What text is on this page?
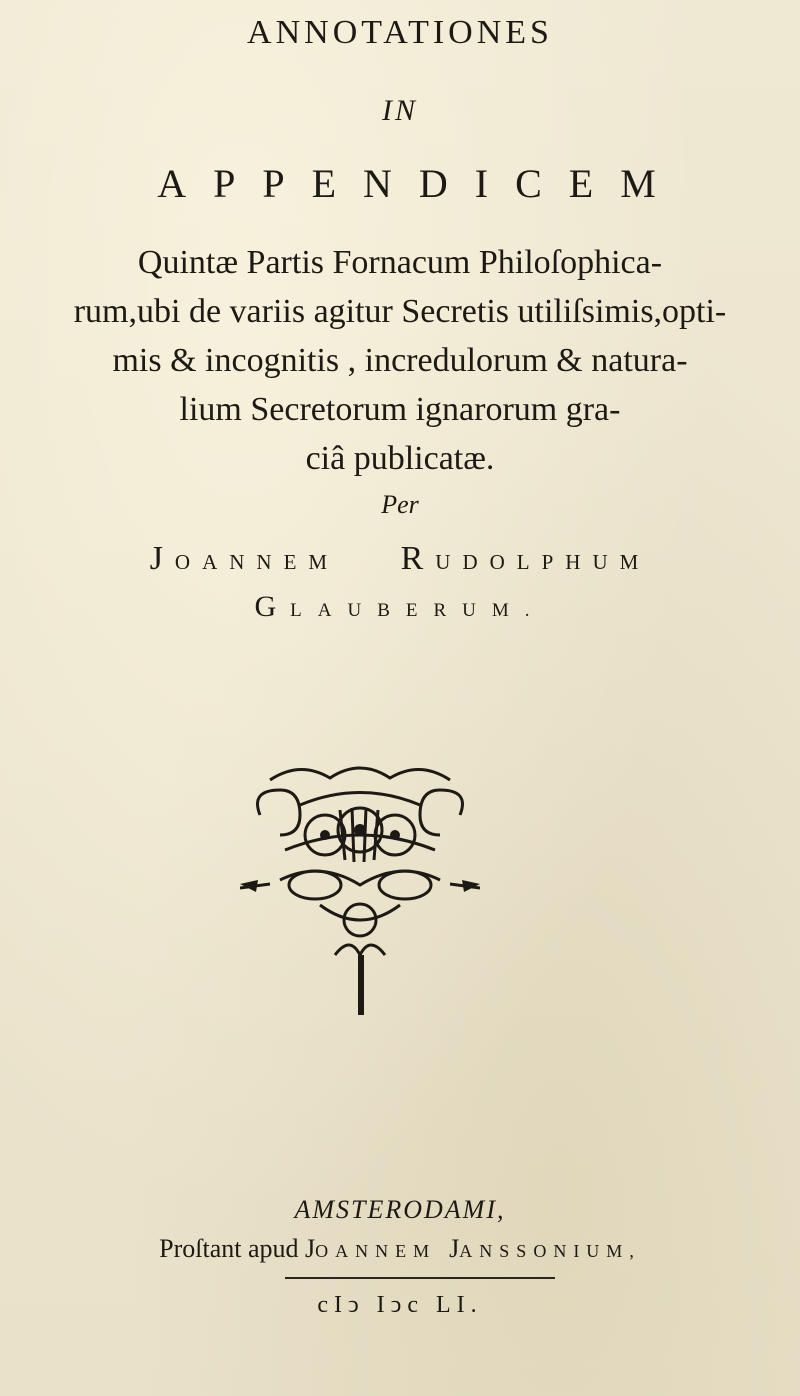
ANNOTATIONES
IN
APPENDICEM
Quintæ Partis Fornacum Philoſophica-
rum,ubi de variis agitur Secretis utiliſsimis,opti-
mis & incognitis , incredulorum & natura-
lium Secretorum ignarorum gra-
ciâ publicatæ.
Per
JOANNEM RUDOLPHUM
GLAUBERUM.
AMSTERODAMI,
Proſtant apud JOANNEM JANSSONIUM,
cIↄ Iↄc LI.
